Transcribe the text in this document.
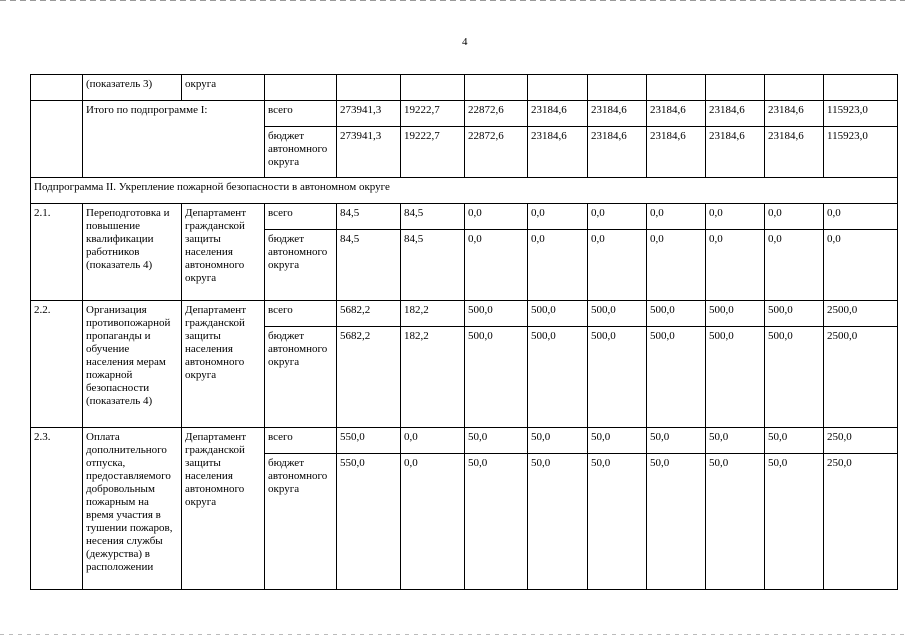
4
	(показатель 3)	округа										
	Итого по подпрограмме I:		всего	273941,3	19222,7	22872,6	23184,6	23184,6	23184,6	23184,6	23184,6	115923,0
			бюджет автономного округа	273941,3	19222,7	22872,6	23184,6	23184,6	23184,6	23184,6	23184,6	115923,0
Подпрограмма II. Укрепление пожарной безопасности в автономном округе												
2.1.	Переподготовка и повышение квалификации работников (показатель 4)	Департамент гражданской защиты населения автономного округа	всего	84,5	84,5	0,0	0,0	0,0	0,0	0,0	0,0	0,0
			бюджет автономного округа	84,5	84,5	0,0	0,0	0,0	0,0	0,0	0,0	0,0
2.2.	Организация противопожарной пропаганды и обучение населения мерам пожарной безопасности (показатель 4)	Департамент гражданской защиты населения автономного округа	всего	5682,2	182,2	500,0	500,0	500,0	500,0	500,0	500,0	2500,0
			бюджет автономного округа	5682,2	182,2	500,0	500,0	500,0	500,0	500,0	500,0	2500,0
2.3.	Оплата дополнительного отпуска, предоставляемого добровольным пожарным на время участия в тушении пожаров, несения службы (дежурства) в расположении	Департамент гражданской защиты населения автономного округа	всего	550,0	0,0	50,0	50,0	50,0	50,0	50,0	50,0	250,0
			бюджет автономного округа	550,0	0,0	50,0	50,0	50,0	50,0	50,0	50,0	250,0
